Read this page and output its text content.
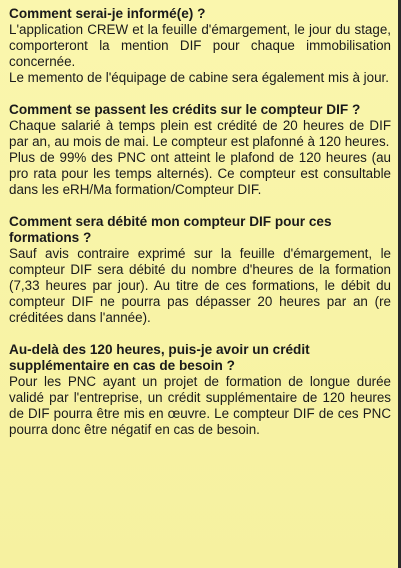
Comment serai-je informé(e) ?

L'application CREW et la feuille d'émargement, le jour du stage, comporteront la mention DIF pour chaque immobilisation concernée.

Le memento de l'équipage de cabine sera également mis à jour.

Comment se passent les crédits sur le compteur DIF ?

Chaque salarié à temps plein est crédité de 20 heures de DIF par an, au mois de mai. Le compteur est plafonné à 120 heures.

Plus de 99% des PNC ont atteint le plafond de 120 heures (au pro rata pour les temps alternés). Ce compteur est consultable dans les eRH/Ma formation/Compteur DIF.

Comment sera débité mon compteur DIF pour ces formations ?

Sauf avis contraire exprimé sur la feuille d'émargement, le compteur DIF sera débité du nombre d'heures de la formation (7,33 heures par jour). Au titre de ces formations, le débit du compteur DIF ne pourra pas dépasser 20 heures par an (re créditées dans l'année).

Au-delà des 120 heures, puis-je avoir un crédit supplémentaire en cas de besoin ?

Pour les PNC ayant un projet de formation de longue durée validé par l'entreprise, un crédit supplémentaire de 120 heures de DIF pourra être mis en œuvre. Le compteur DIF de ces PNC pourra donc être négatif en cas de besoin.
